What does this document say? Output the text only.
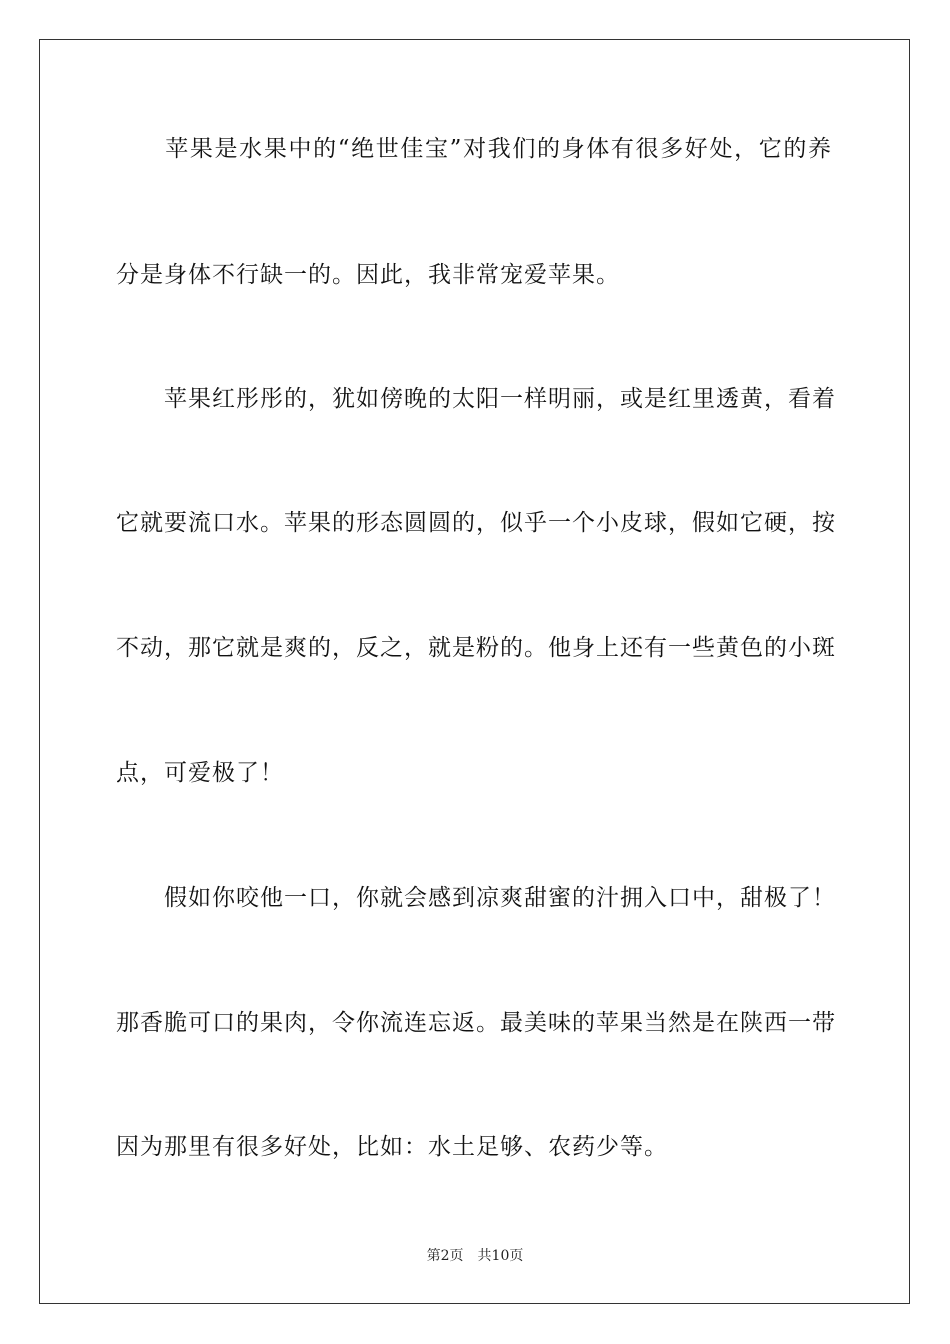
　　苹果是水果中的“绝世佳宝”对我们的身体有很多好处，它的养
分是身体不行缺一的。因此，我非常宠爱苹果。
　　苹果红彤彤的，犹如傍晚的太阳一样明丽，或是红里透黄，看着
它就要流口水。苹果的形态圆圆的，似乎一个小皮球，假如它硬，按
不动，那它就是爽的，反之，就是粉的。他身上还有一些黄色的小斑
点，可爱极了！
　　假如你咬他一口，你就会感到凉爽甜蜜的汁拥入口中，甜极了！
那香脆可口的果肉，令你流连忘返。最美味的苹果当然是在陕西一带
因为那里有很多好处，比如：水土足够、农药少等。
第2页 共10页
